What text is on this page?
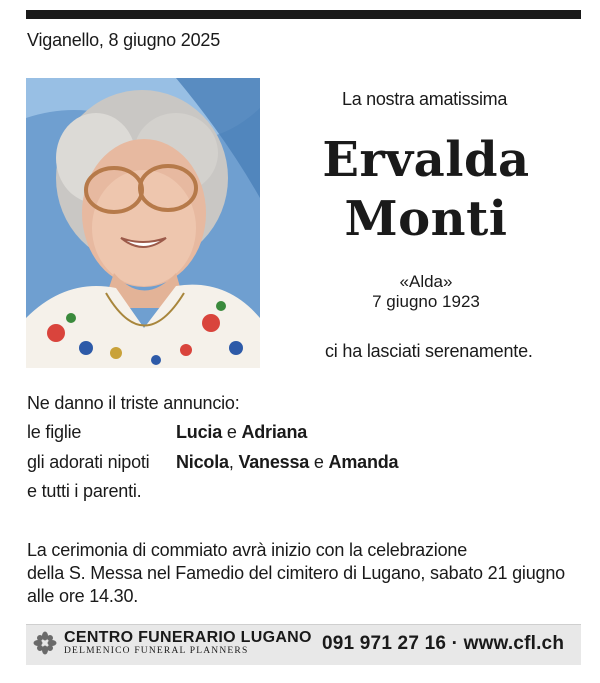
Viganello, 8 giugno 2025
La nostra amatissima
Ervalda
Monti
«Alda»
7 giugno 1923
ci ha lasciati serenamente.
Ne danno il triste annuncio:
le figlie	Lucia e Adriana
gli adorati nipoti Nicola, Vanessa e Amanda
e tutti i parenti.
La cerimonia di commiato avrà inizio con la celebrazione
della S. Messa nel Famedio del cimitero di Lugano, sabato 21 giugno
alle ore 14.30.
CENTRO FUNERARIO LUGANO
DELMENICO FUNERAL PLANNERS	091 971 27 16 · www.cfl.ch
